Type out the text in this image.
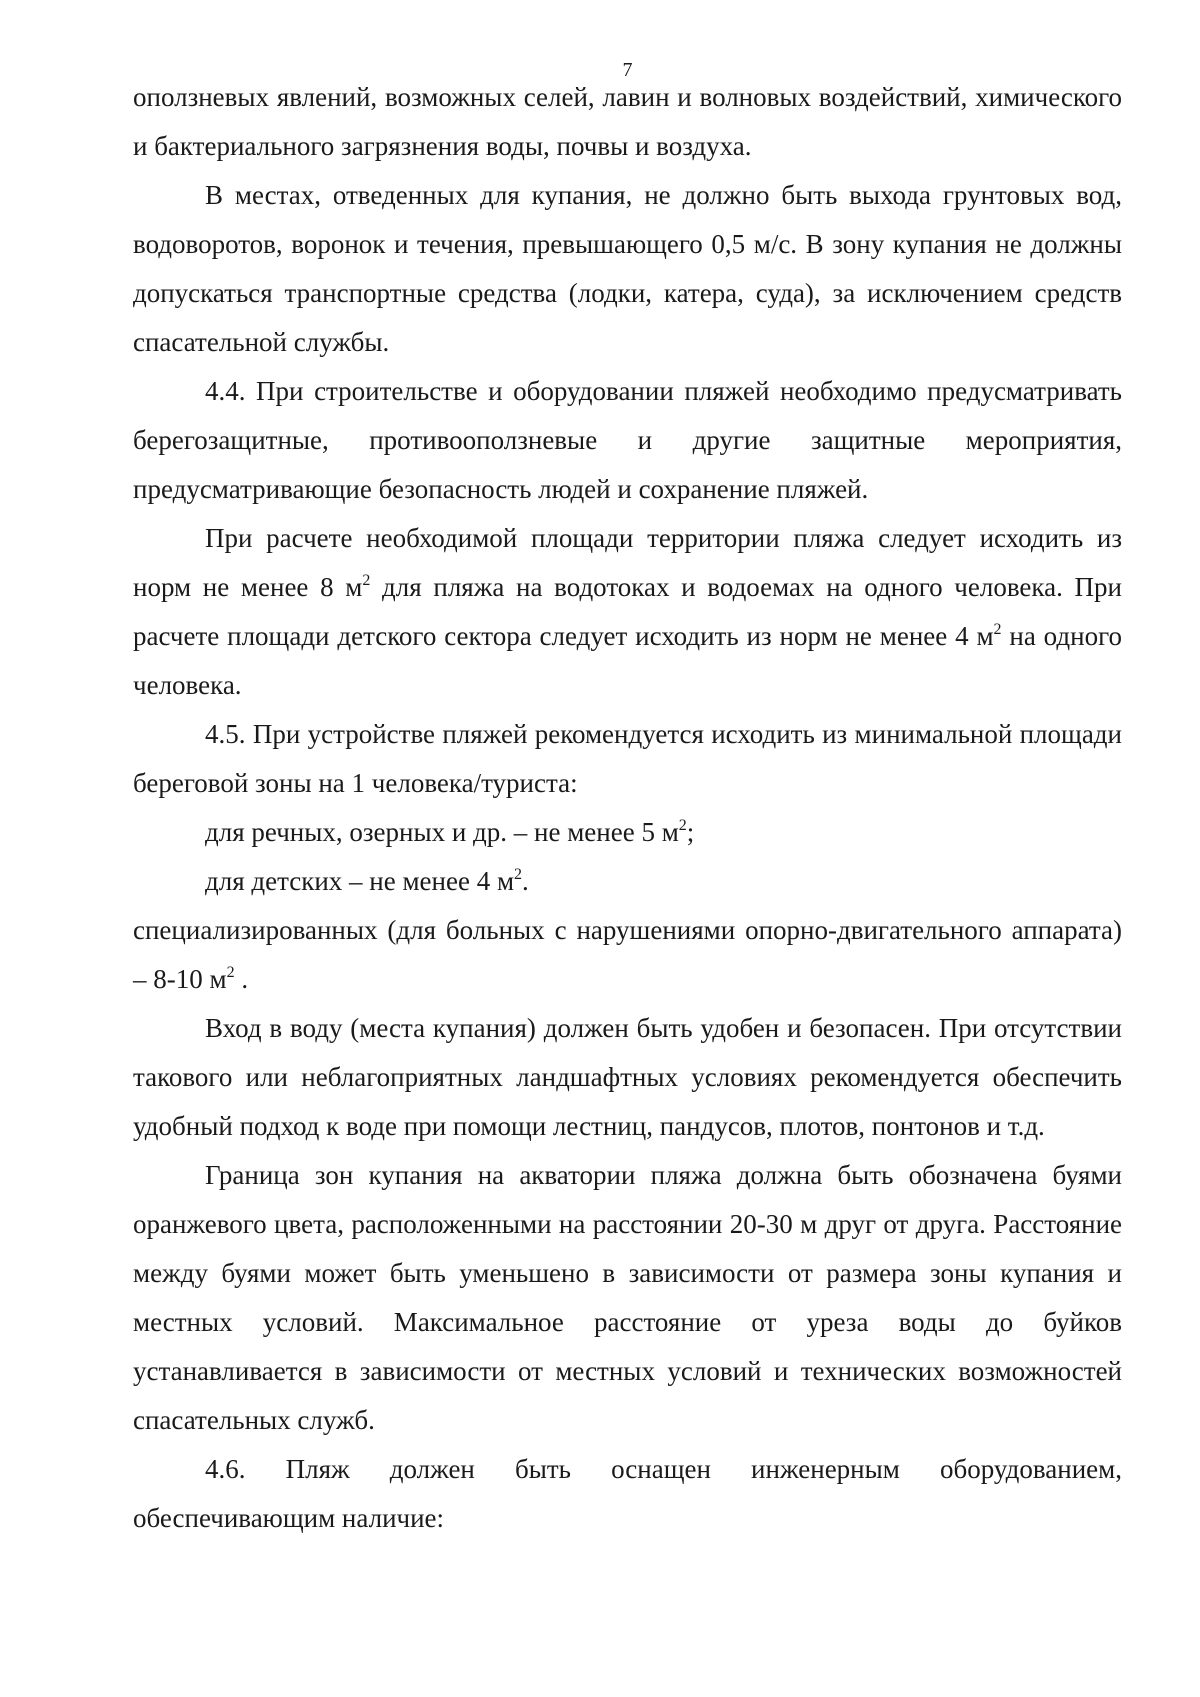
7

оползневых явлений, возможных селей, лавин и волновых воздействий, химического и бактериального загрязнения воды, почвы и воздуха.

В местах, отведенных для купания, не должно быть выхода грунтовых вод, водоворотов, воронок и течения, превышающего 0,5 м/с. В зону купания не должны допускаться транспортные средства (лодки, катера, суда), за исключением средств спасательной службы.

4.4. При строительстве и оборудовании пляжей необходимо предусматривать берегозащитные, противооползневые и другие защитные мероприятия, предусматривающие безопасность людей и сохранение пляжей.

При расчете необходимой площади территории пляжа следует исходить из норм не менее 8 $м^2$ для пляжа на водотоках и водоемах на одного человека. При расчете площади детского сектора следует исходить из норм не менее 4 $м^2$ на одного человека.

4.5. При устройстве пляжей рекомендуется исходить из минимальной площади береговой зоны на 1 человека/туриста:

для речных, озерных и др. – не менее 5 $м^2$;

для детских – не менее 4 $м^2$.

специализированных (для больных с нарушениями опорно-двигательного аппарата) – 8-10 $м^2$ .

Вход в воду (места купания) должен быть удобен и безопасен. При отсутствии такового или неблагоприятных ландшафтных условиях рекомендуется обеспечить удобный подход к воде при помощи лестниц, пандусов, плотов, понтонов и т.д.

Граница зон купания на акватории пляжа должна быть обозначена буями оранжевого цвета, расположенными на расстоянии 20-30 м друг от друга. Расстояние между буями может быть уменьшено в зависимости от размера зоны купания и местных условий. Максимальное расстояние от уреза воды до буйков устанавливается в зависимости от местных условий и технических возможностей спасательных служб.

4.6. Пляж должен быть оснащен инженерным оборудованием, обеспечивающим наличие:
